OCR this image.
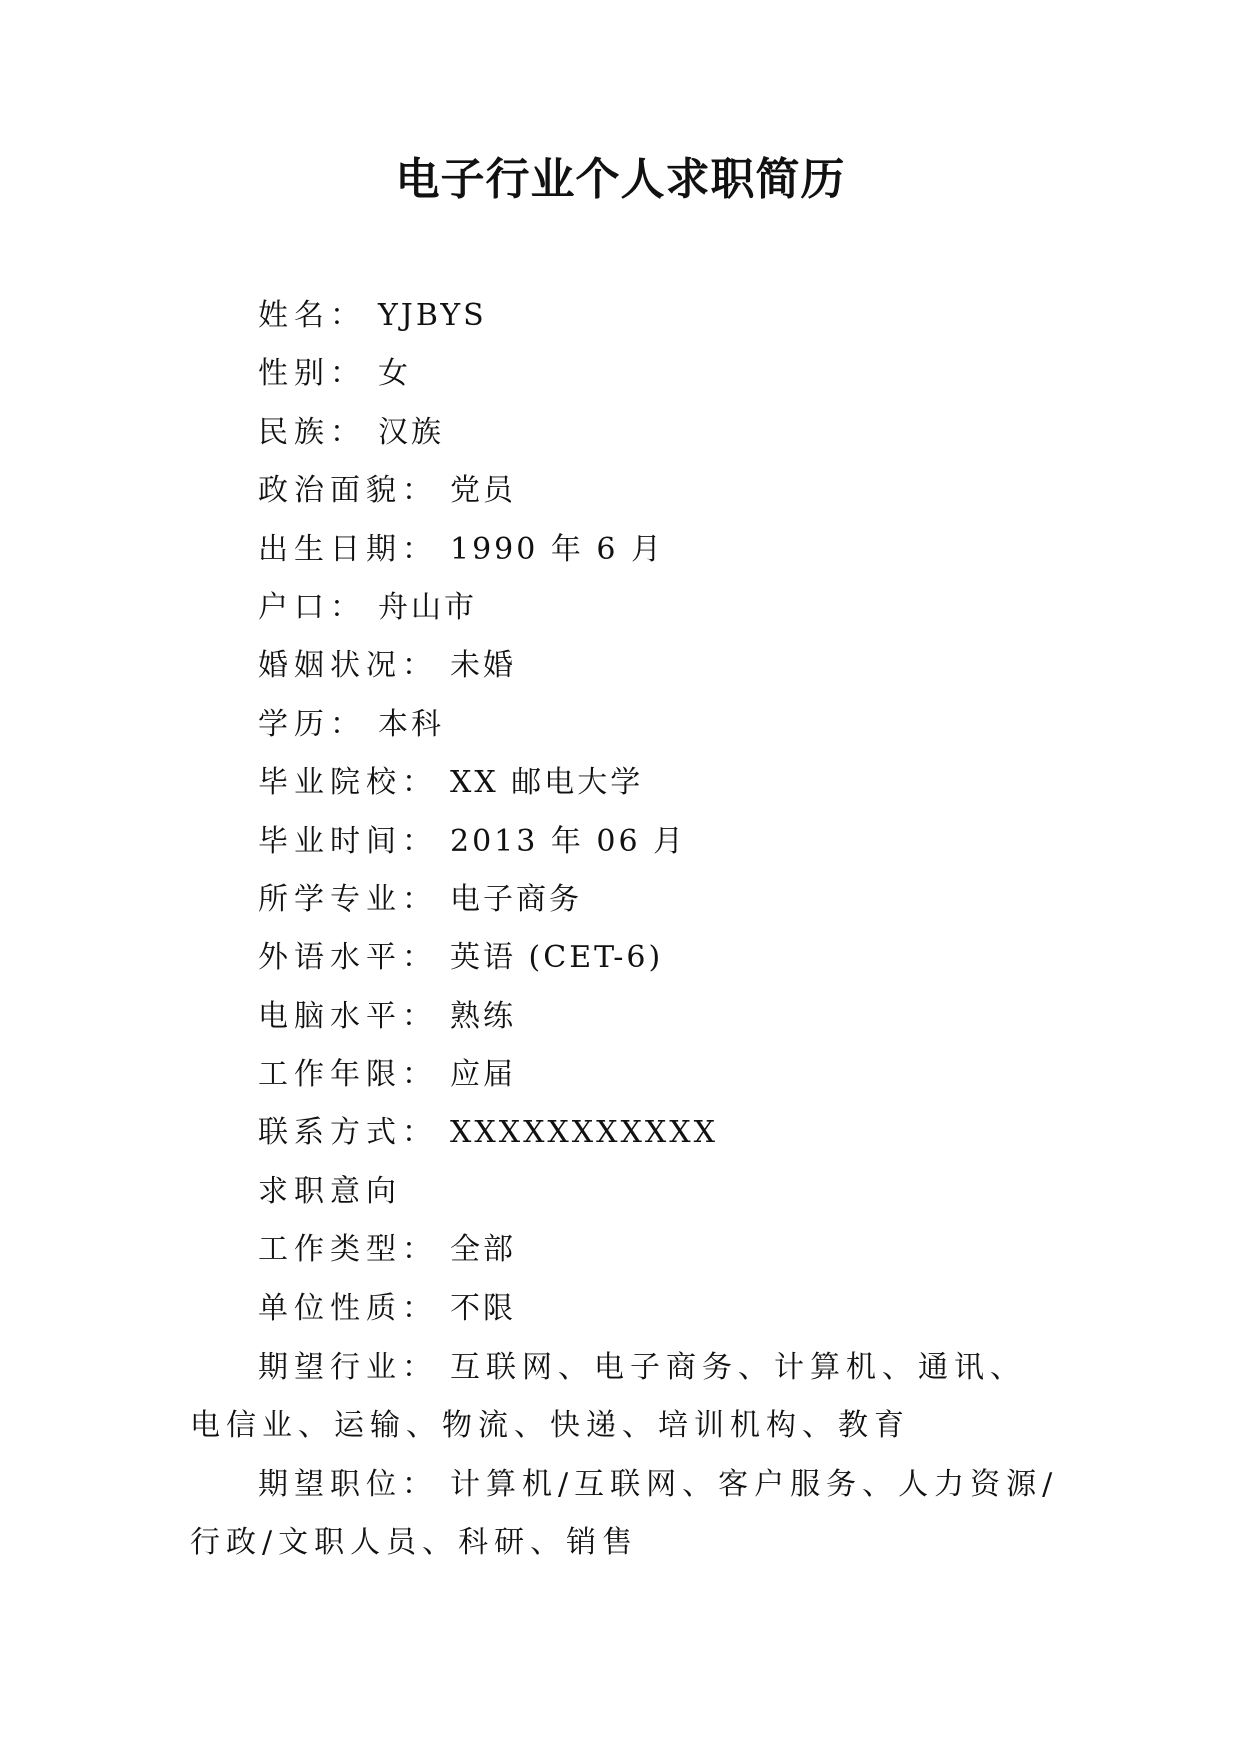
电子行业个人求职简历
姓名： YJBYS
性别： 女
民族： 汉族
政治面貌： 党员
出生日期： 1990 年 6 月
户口： 舟山市
婚姻状况： 未婚
学历： 本科
毕业院校： XX 邮电大学
毕业时间： 2013 年 06 月
所学专业： 电子商务
外语水平： 英语 (CET-6)
电脑水平： 熟练
工作年限： 应届
联系方式： XXXXXXXXXXX
求职意向
工作类型： 全部
单位性质： 不限

期望行业： 互联网、电子商务、计算机、通讯、电信业、运输、物流、快递、培训机构、教育

期望职位： 计算机/互联网、客户服务、人力资源/行政/文职人员、科研、销售
